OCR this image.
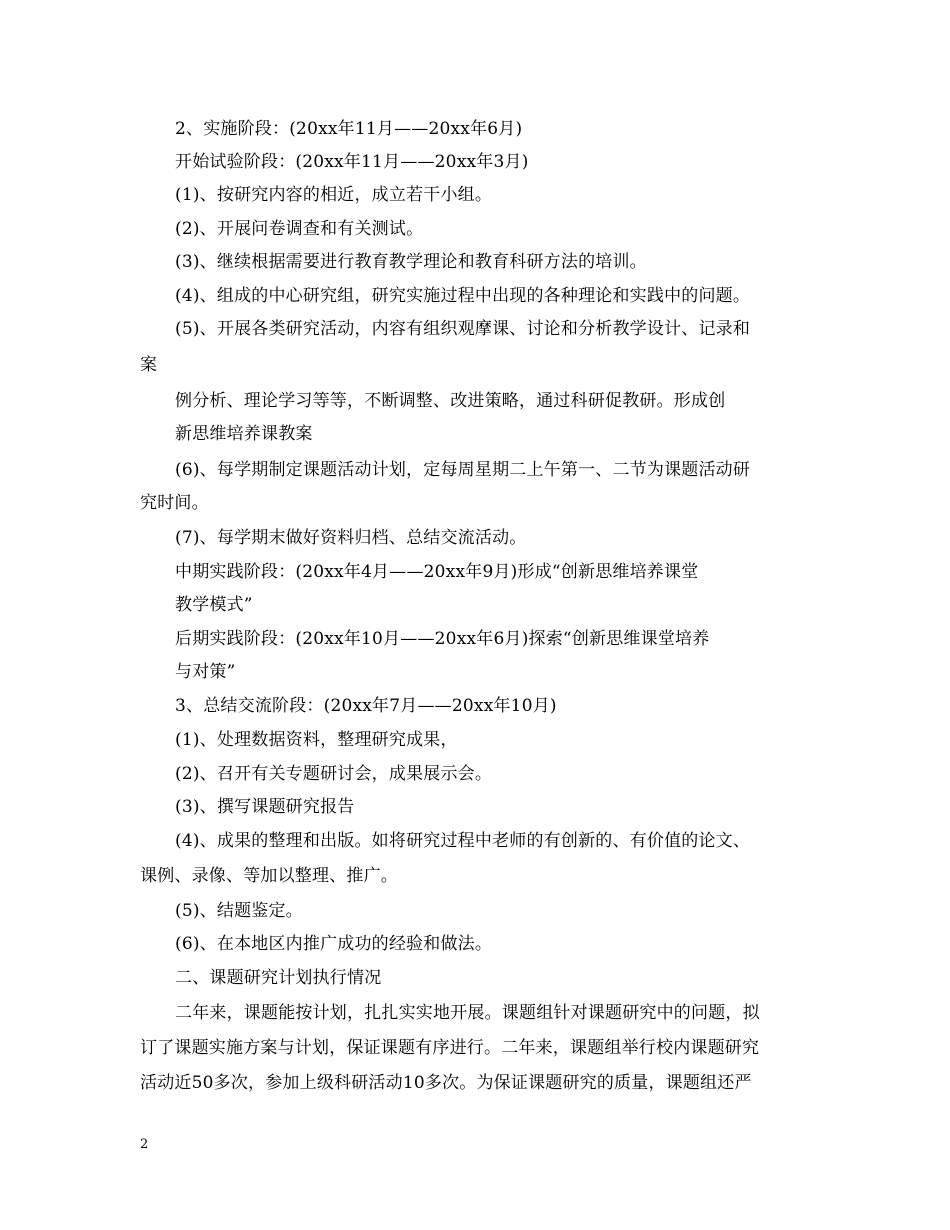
2、实施阶段：(20xx年11月——20xx年6月)
开始试验阶段：(20xx年11月——20xx年3月)
(1)、按研究内容的相近，成立若干小组。
(2)、开展问卷调查和有关测试。
(3)、继续根据需要进行教育教学理论和教育科研方法的培训。
(4)、组成的中心研究组，研究实施过程中出现的各种理论和实践中的问题。
(5)、开展各类研究活动，内容有组织观摩课、讨论和分析教学设计、记录和
案
例分析、理论学习等等，不断调整、改进策略，通过科研促教研。形成创
新思维培养课教案
(6)、每学期制定课题活动计划，定每周星期二上午第一、二节为课题活动研
究时间。
(7)、每学期末做好资料归档、总结交流活动。
中期实践阶段：(20xx年4月——20xx年9月)形成“创新思维培养课堂
教学模式”
后期实践阶段：(20xx年10月——20xx年6月)探索“创新思维课堂培养
与对策”
3、总结交流阶段：(20xx年7月——20xx年10月)
(1)、处理数据资料，整理研究成果，
(2)、召开有关专题研讨会，成果展示会。
(3)、撰写课题研究报告
(4)、成果的整理和出版。如将研究过程中老师的有创新的、有价值的论文、
课例、录像、等加以整理、推广。
(5)、结题鉴定。
(6)、在本地区内推广成功的经验和做法。
二、课题研究计划执行情况
二年来，课题能按计划，扎扎实实地开展。课题组针对课题研究中的问题，拟
订了课题实施方案与计划，保证课题有序进行。二年来，课题组举行校内课题研究
活动近50多次，参加上级科研活动10多次。为保证课题研究的质量，课题组还严
2
